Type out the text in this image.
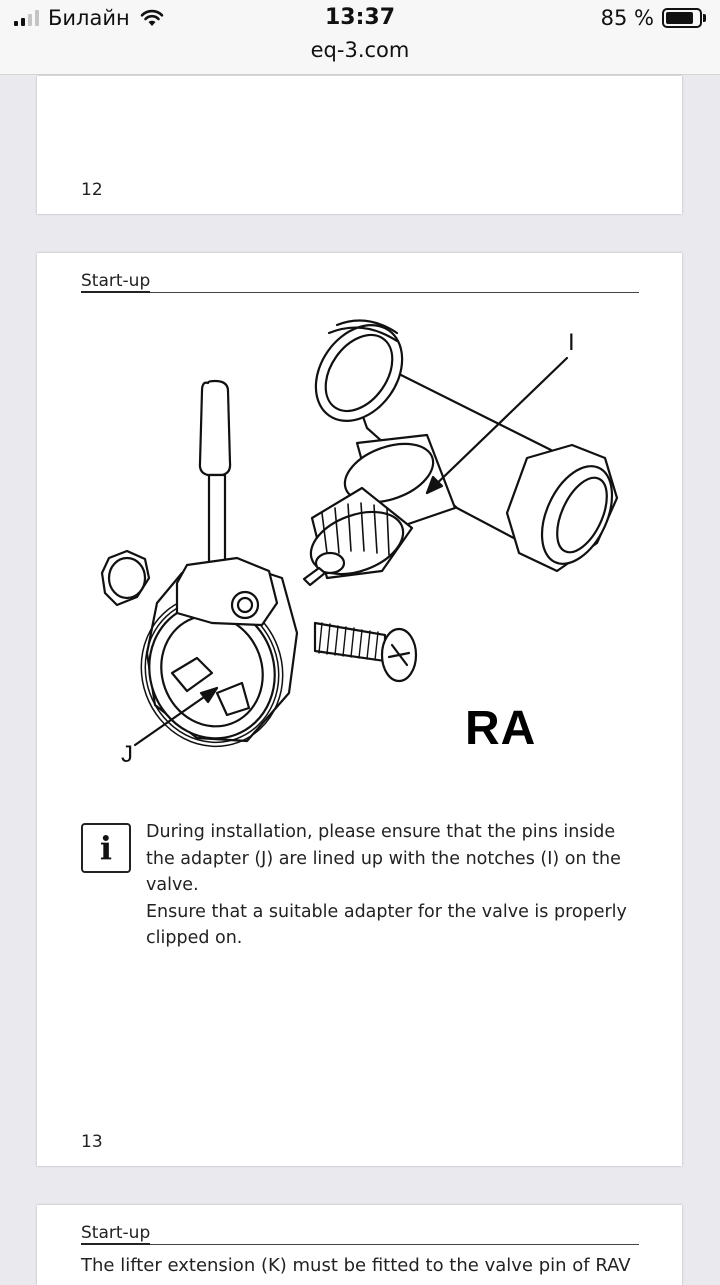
Билайн	13:37	85 %
eq-3.com
12
Start-up
I
J	RA
i	During installation, please ensure that the pins inside the adapter (J) are lined up with the notches (I) on the valve.

Ensure that a suitable adapter for the valve is properly clipped on.

13
Start-up
The lifter extension (K) must be fitted to the valve pin of RAV
